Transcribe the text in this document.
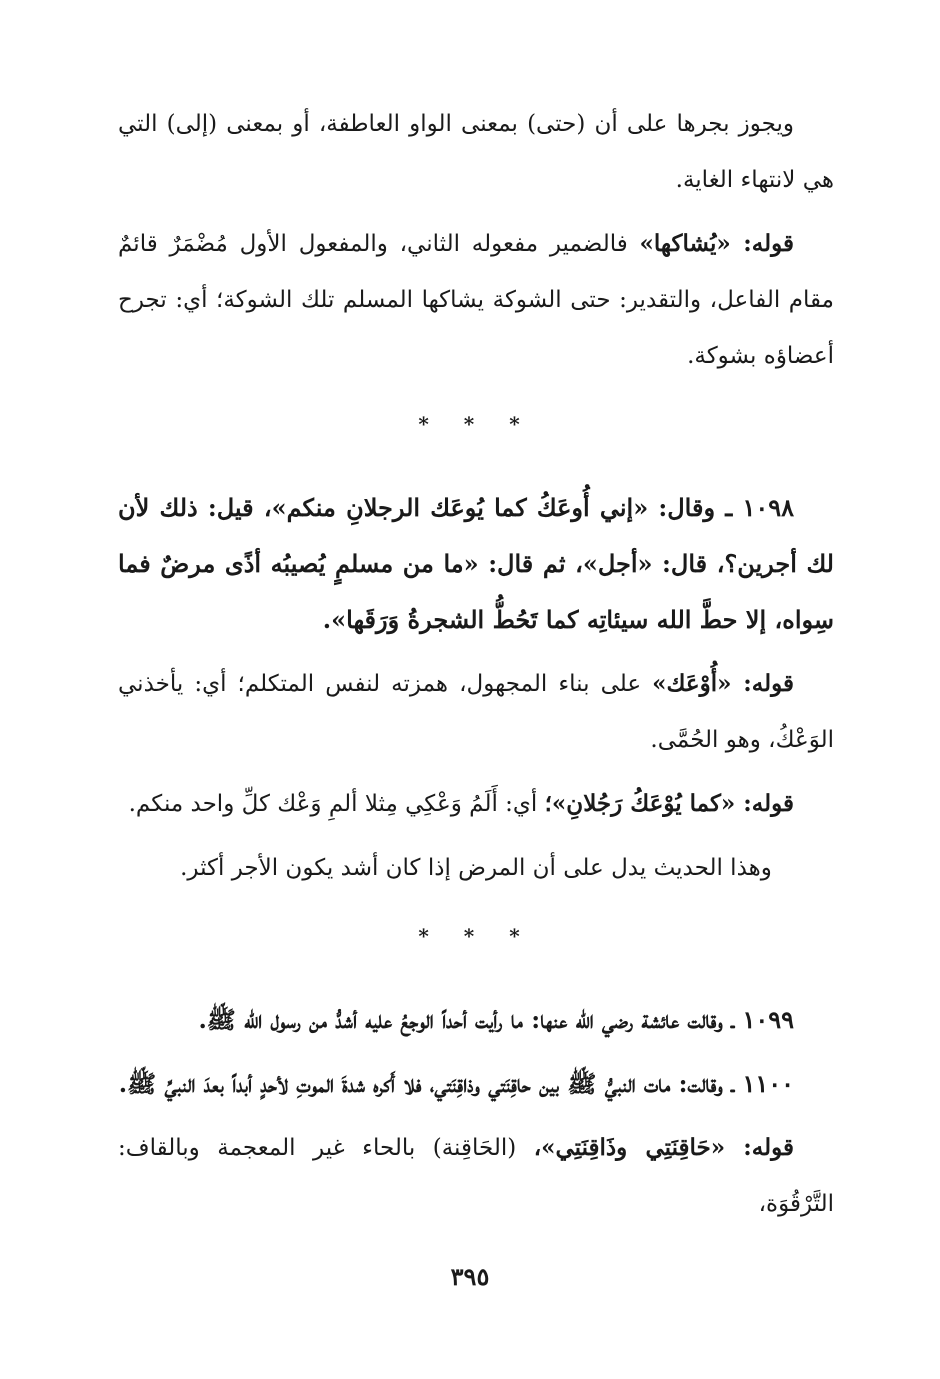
ويجوز بجرها على أن (حتى) بمعنى الواو العاطفة، أو بمعنى (إلى) التي هي لانتهاء الغاية.

قوله: «يُشاكها» فالضمير مفعوله الثاني، والمفعول الأول مُضْمَرٌ قائمٌ مقام الفاعل، والتقدير: حتى الشوكة يشاكها المسلم تلك الشوكة؛ أي: تجرح أعضاؤه بشوكة.

* * *

١٠٩٨ ـ وقال: «إني أُوعَكُ كما يُوعَك الرجلانِ منكم»، قيل: ذلك لأن لك أجرين؟، قال: «أجل»، ثم قال: «ما من مسلمٍ يُصيبُه أذًى مرضٌ فما سِواه، إلا حطَّ الله سيئاتِه كما تَحُطُّ الشجرةُ وَرَقَها».

قوله: «أُوْعَك» على بناء المجهول، همزته لنفس المتكلم؛ أي: يأخذني الوَعْكُ، وهو الحُمَّى.

قوله: «كما يُوْعَكُ رَجُلانِ»؛ أي: أَلَمُ وَعْكِي مِثلا ألمِ وَعْك كلِّ واحد منكم.

وهذا الحديث يدل على أن المرض إذا كان أشد يكون الأجر أكثر.

* * *

١٠٩٩ ـ وقالت عائشة رضي الله عنها: ما رأيت أحداً الوجعُ عليه أشدُّ من رسول الله ﷺ.

١١٠٠ ـ وقالت: مات النبيُّ ﷺ بين حاقِنَتي وذاقِنَتي، فلا أَكره شدةَ الموتِ لأحدٍ أبداً بعدَ النبيِّ ﷺ.

قوله: «حَاقِنَتِي وذَاقِنَتِي»، (الحَاقِنة) بالحاء غير المعجمة وبالقاف: التَّرْقُوَة،

٣٩٥
